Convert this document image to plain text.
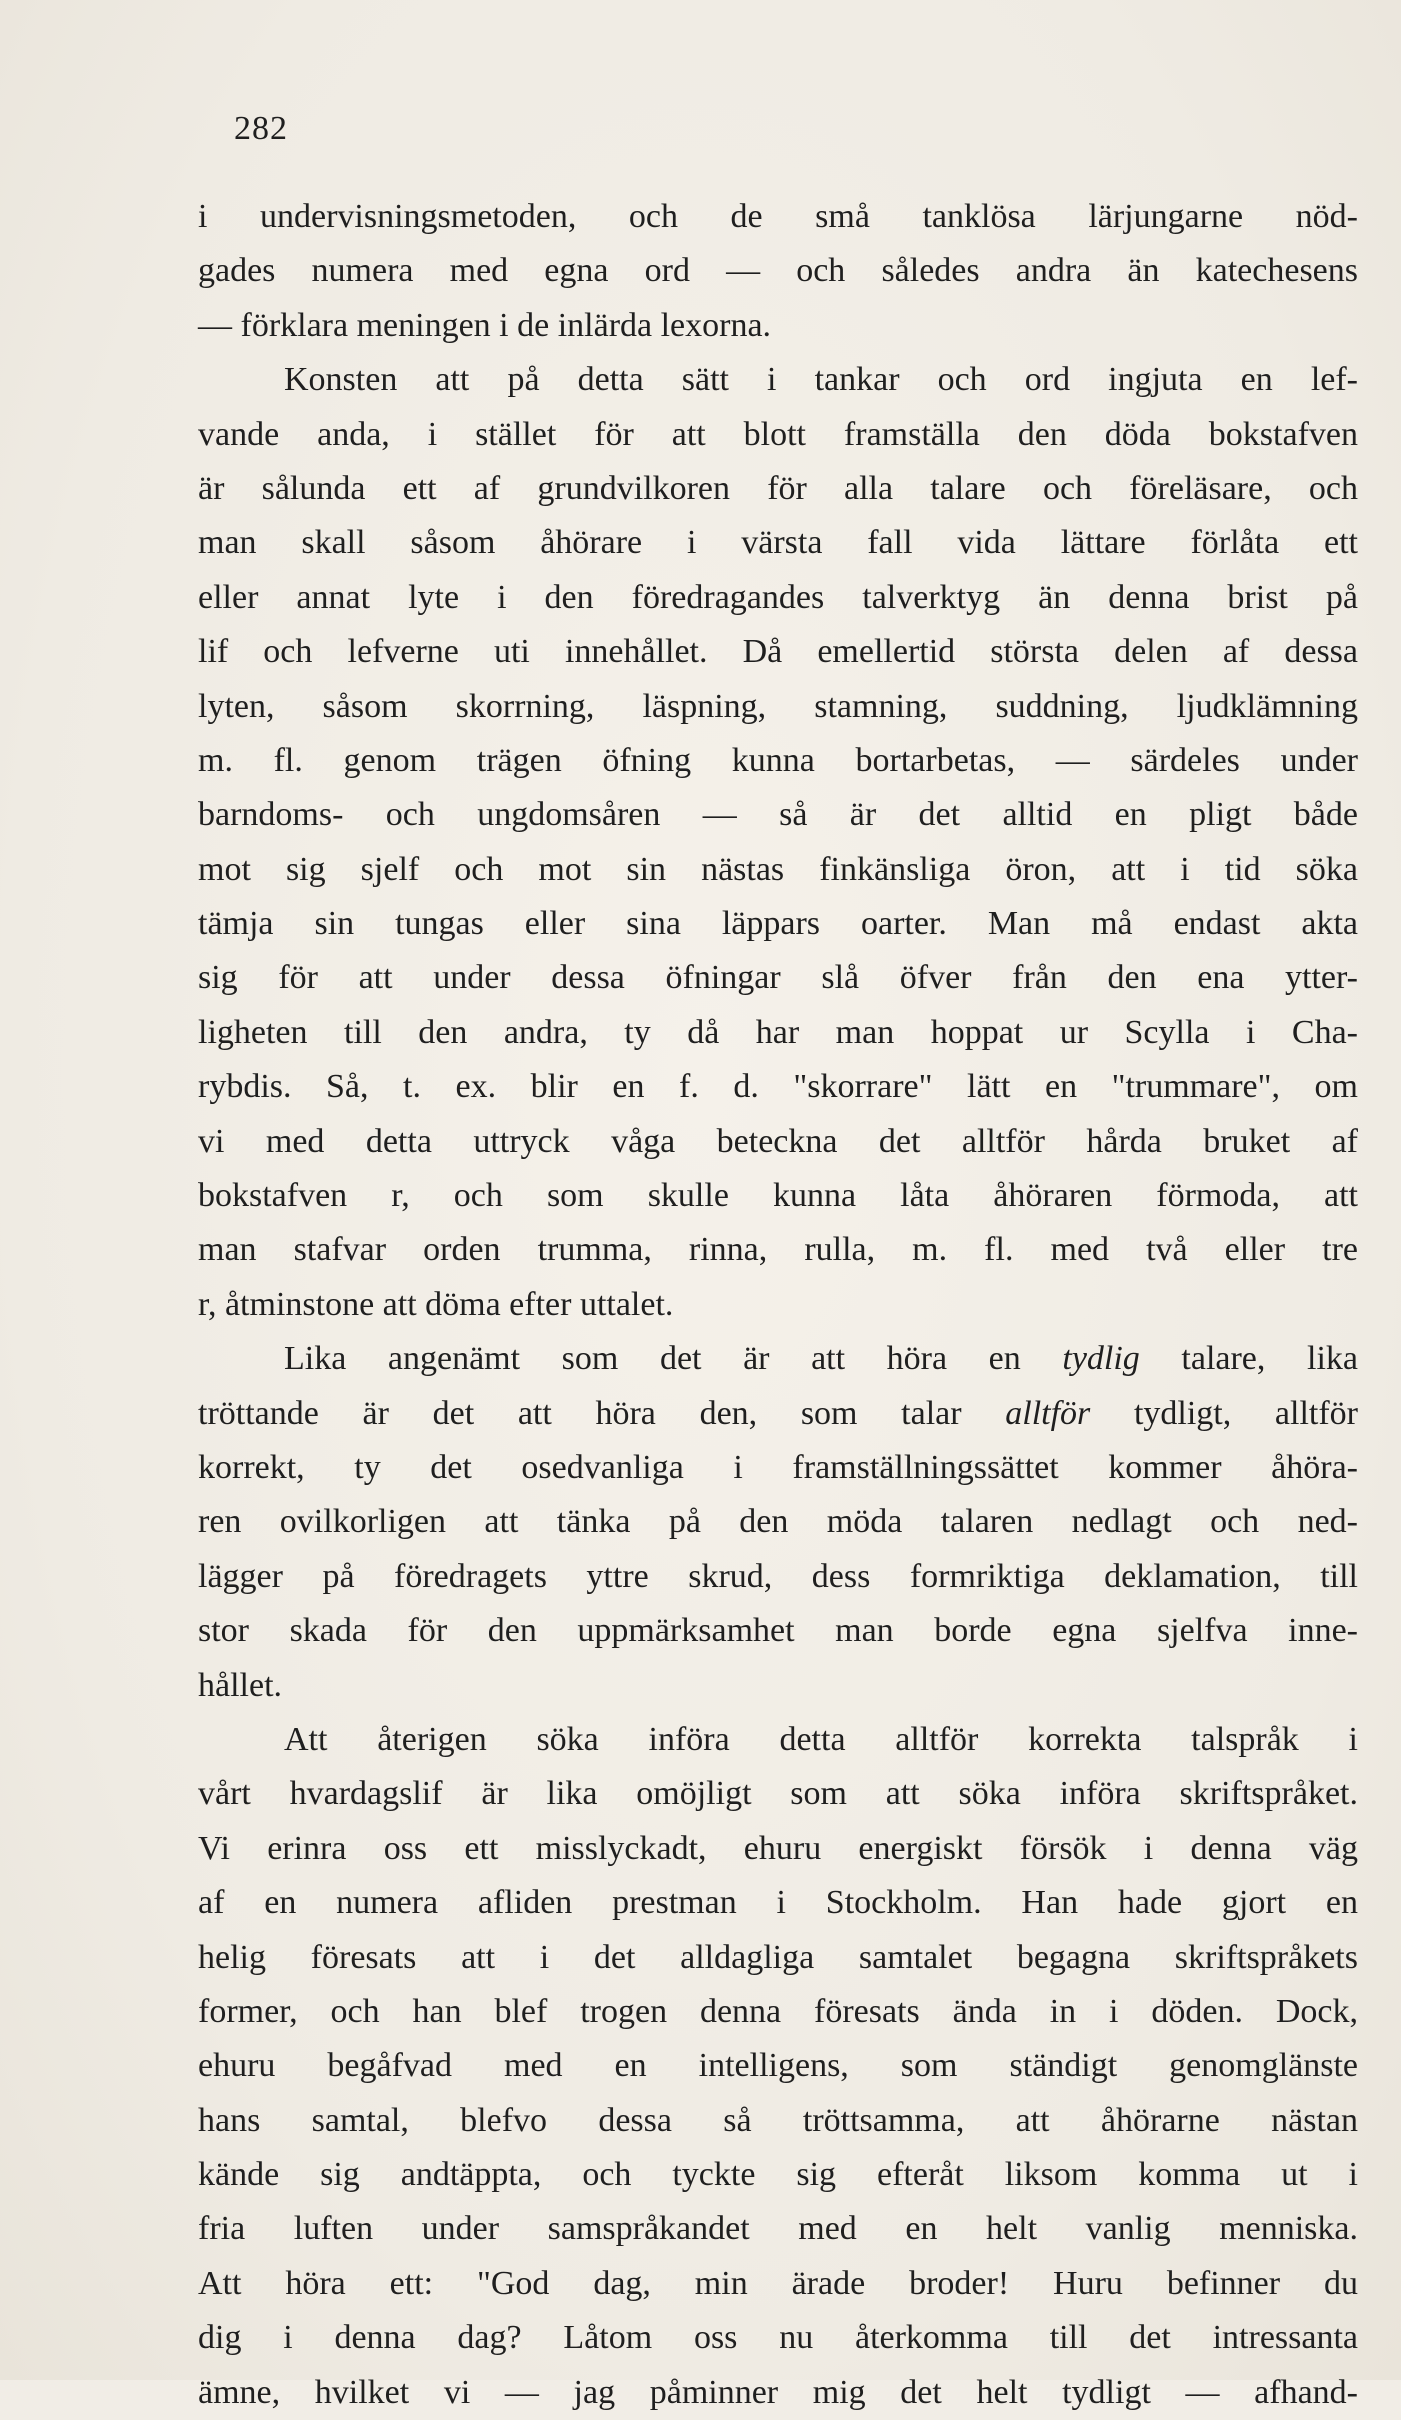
282
i undervisningsmetoden, och de små tanklösa lärjungarne nöd-
gades numera med egna ord — och således andra än katechesens
— förklara meningen i de inlärda lexorna.
Konsten att på detta sätt i tankar och ord ingjuta en lef-
vande anda, i stället för att blott framställa den döda bokstafven
är sålunda ett af grundvilkoren för alla talare och föreläsare, och
man skall såsom åhörare i värsta fall vida lättare förlåta ett
eller annat lyte i den föredragandes talverktyg än denna brist på
lif och lefverne uti innehållet. Då emellertid största delen af dessa
lyten, såsom skorrning, läspning, stamning, suddning, ljudklämning
m. fl. genom trägen öfning kunna bortarbetas, — särdeles under
barndoms- och ungdomsåren — så är det alltid en pligt både
mot sig sjelf och mot sin nästas finkänsliga öron, att i tid söka
tämja sin tungas eller sina läppars oarter. Man må endast akta
sig för att under dessa öfningar slå öfver från den ena ytter-
ligheten till den andra, ty då har man hoppat ur Scylla i Cha-
rybdis. Så, t. ex. blir en f. d. "skorrare" lätt en "trummare", om
vi med detta uttryck våga beteckna det alltför hårda bruket af
bokstafven r, och som skulle kunna låta åhöraren förmoda, att
man stafvar orden trumma, rinna, rulla, m. fl. med två eller tre
r, åtminstone att döma efter uttalet.
Lika angenämt som det är att höra en tydlig talare, lika
tröttande är det att höra den, som talar alltför tydligt, alltför
korrekt, ty det osedvanliga i framställningssättet kommer åhöra-
ren ovilkorligen att tänka på den möda talaren nedlagt och ned-
lägger på föredragets yttre skrud, dess formriktiga deklamation, till
stor skada för den uppmärksamhet man borde egna sjelfva inne-
hållet.
Att återigen söka införa detta alltför korrekta talspråk i
vårt hvardagslif är lika omöjligt som att söka införa skriftspråket.
Vi erinra oss ett misslyckadt, ehuru energiskt försök i denna väg
af en numera afliden prestman i Stockholm. Han hade gjort en
helig föresats att i det alldagliga samtalet begagna skriftspråkets
former, och han blef trogen denna föresats ända in i döden. Dock,
ehuru begåfvad med en intelligens, som ständigt genomglänste
hans samtal, blefvo dessa så tröttsamma, att åhörarne nästan
kände sig andtäppta, och tyckte sig efteråt liksom komma ut i
fria luften under samspråkandet med en helt vanlig menniska.
Att höra ett: "God dag, min ärade broder! Huru befinner du
dig i denna dag? Låtom oss nu återkomma till det intressanta
ämne, hvilket vi — jag påminner mig det helt tydligt — afhand-
